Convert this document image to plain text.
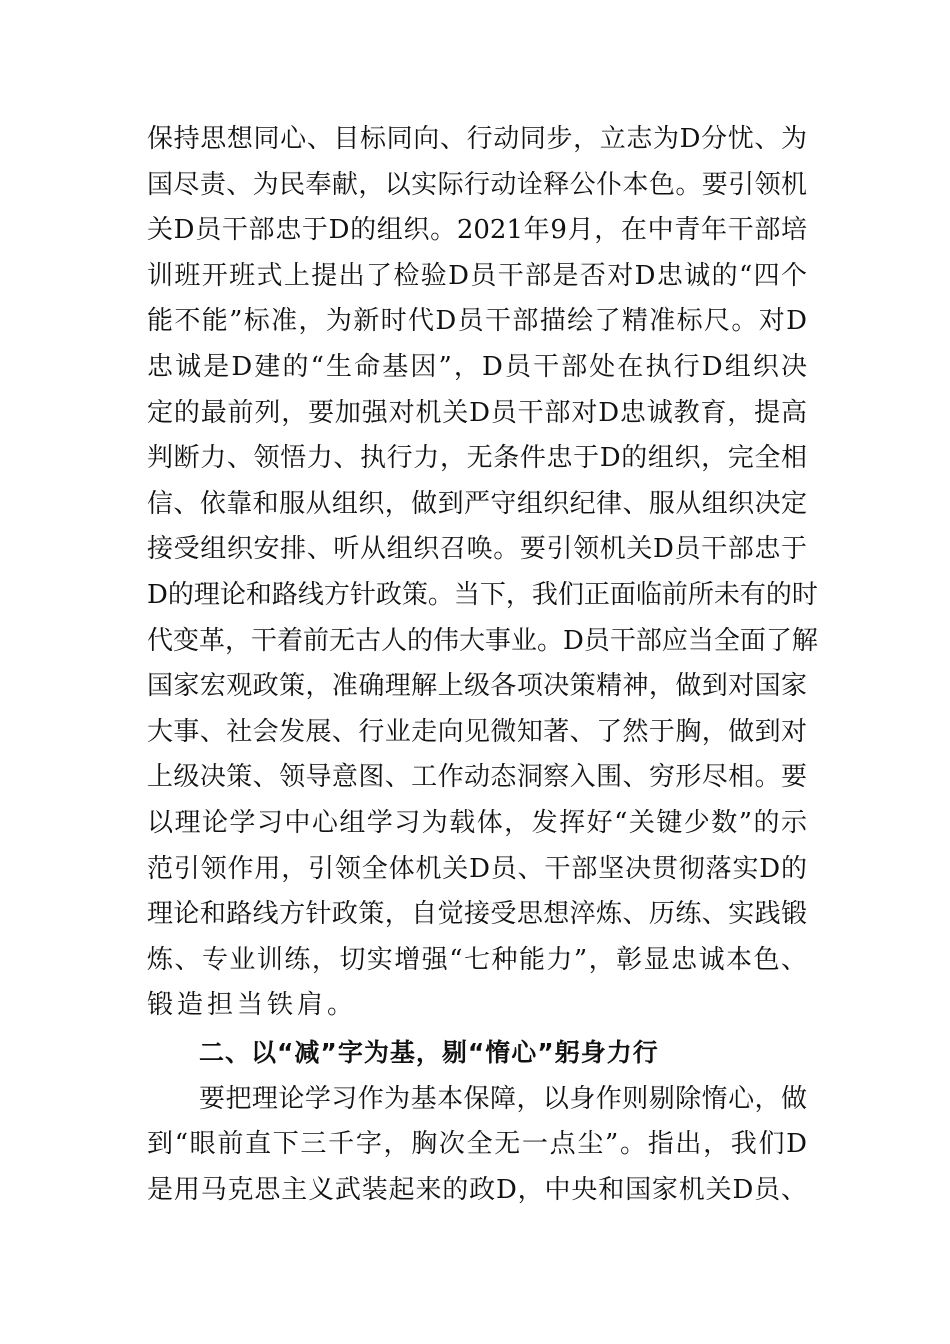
保持思想同心、目标同向、行动同步，立志为D分忧、为
国尽责、为民奉献，以实际行动诠释公仆本色。要引领机
关D员干部忠于D的组织。2021年9月，在中青年干部培
训班开班式上提出了检验D员干部是否对D忠诚的“四个
能不能”标准，为新时代D员干部描绘了精准标尺。对D
忠诚是D建的“生命基因”，D员干部处在执行D组织决
定的最前列，要加强对机关D员干部对D忠诚教育，提高
判断力、领悟力、执行力，无条件忠于D的组织，完全相
信、依靠和服从组织，做到严守组织纪律、服从组织决定
接受组织安排、听从组织召唤。要引领机关D员干部忠于
D的理论和路线方针政策。当下，我们正面临前所未有的时
代变革，干着前无古人的伟大事业。D员干部应当全面了解
国家宏观政策，准确理解上级各项决策精神，做到对国家
大事、社会发展、行业走向见微知著、了然于胸，做到对
上级决策、领导意图、工作动态洞察入围、穷形尽相。要
以理论学习中心组学习为载体，发挥好“关键少数”的示
范引领作用，引领全体机关D员、干部坚决贯彻落实D的
理论和路线方针政策，自觉接受思想淬炼、历练、实践锻
炼、专业训练，切实增强“七种能力”，彰显忠诚本色、
锻造担当铁肩。
二、以“减”字为基，剔“惰心”躬身力行
要把理论学习作为基本保障，以身作则剔除惰心，做
到“眼前直下三千字，胸次全无一点尘”。指出，我们D
是用马克思主义武装起来的政D，中央和国家机关D员、
